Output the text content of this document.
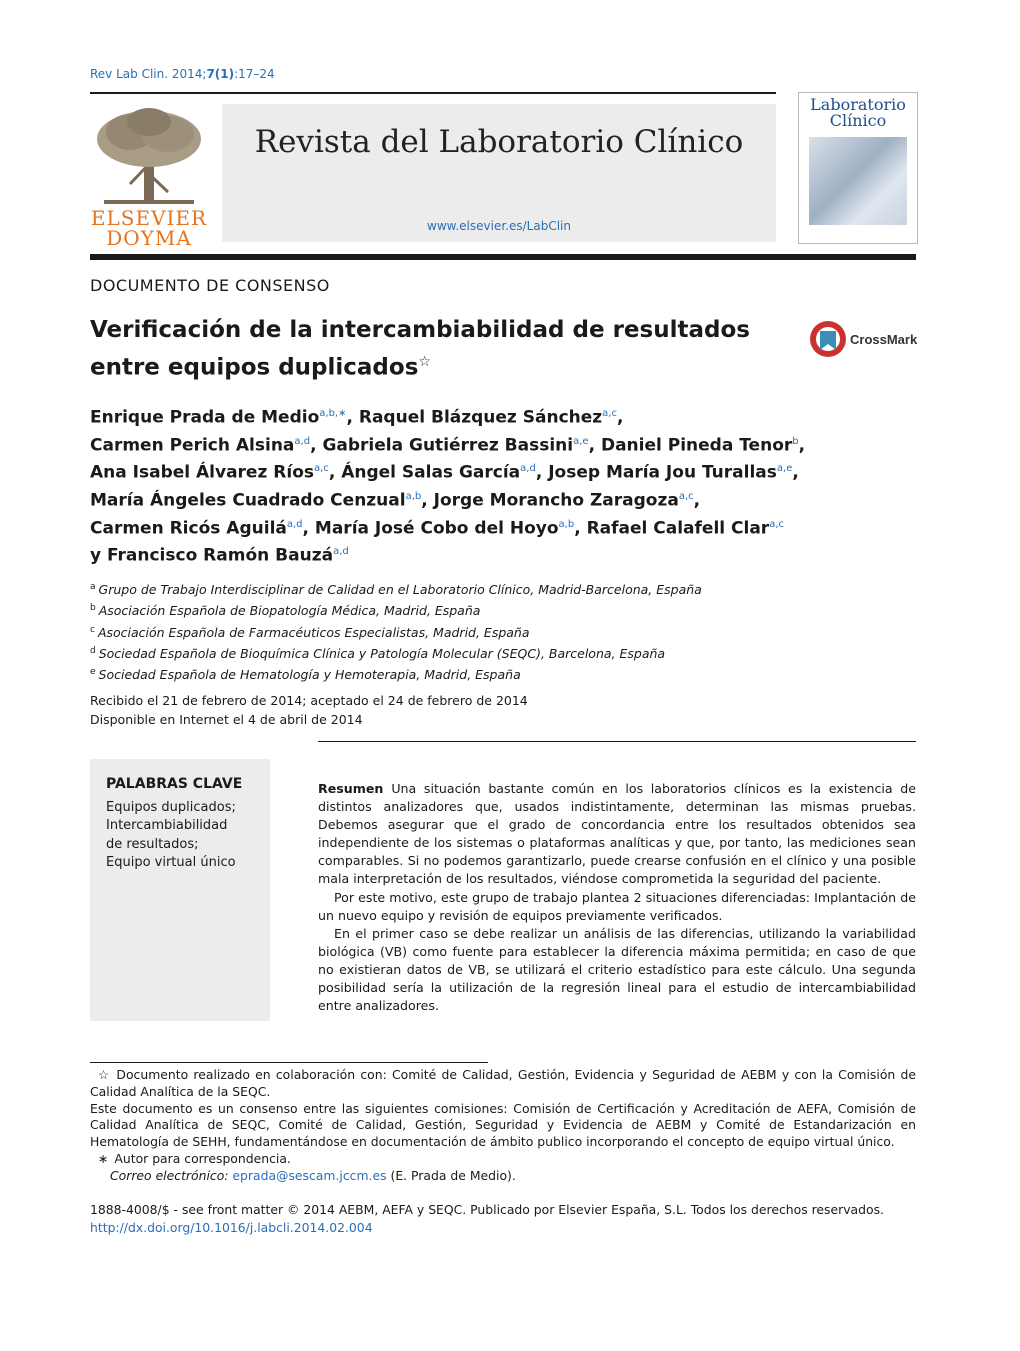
Rev Lab Clin. 2014;7(1):17–24
ELSEVIER
DOYMA
Revista del Laboratorio Clínico
www.elsevier.es/LabClin
Laboratorio
Clínico
DOCUMENTO DE CONSENSO
Verificación de la intercambiabilidad de resultados
entre equipos duplicados☆
CrossMark
Enrique Prada de Medio$^{a,b,∗}$, Raquel Blázquez Sánchez$^{a,c}$,
Carmen Perich Alsina$^{a,d}$, Gabriela Gutiérrez Bassini$^{a,e}$, Daniel Pineda Tenor$^b$,
Ana Isabel Álvarez Ríos$^{a,c}$, Ángel Salas García$^{a,d}$, Josep María Jou Turallas$^{a,e}$,
María Ángeles Cuadrado Cenzual$^{a,b}$, Jorge Morancho Zaragoza$^{a,c}$,
Carmen Ricós Aguilá$^{a,d}$, María José Cobo del Hoyo$^{a,b}$, Rafael Calafell Clar$^{a,c}$
y Francisco Ramón Bauzá$^{a,d}$
$^a$ Grupo de Trabajo Interdisciplinar de Calidad en el Laboratorio Clínico, Madrid-Barcelona, España
$^b$ Asociación Española de Biopatología Médica, Madrid, España
$^c$ Asociación Española de Farmacéuticos Especialistas, Madrid, España
$^d$ Sociedad Española de Bioquímica Clínica y Patología Molecular (SEQC), Barcelona, España
$^e$ Sociedad Española de Hematología y Hemoterapia, Madrid, España
Recibido el 21 de febrero de 2014; aceptado el 24 de febrero de 2014
Disponible en Internet el 4 de abril de 2014
PALABRAS CLAVE
Equipos duplicados;
Intercambiabilidad
de resultados;
Equipo virtual único

Resumen Una situación bastante común en los laboratorios clínicos es la existencia de distintos analizadores que, usados indistintamente, determinan las mismas pruebas. Debemos asegurar que el grado de concordancia entre los resultados obtenidos sea independiente de los sistemas o plataformas analíticas y que, por tanto, las mediciones sean comparables. Si no podemos garantizarlo, puede crearse confusión en el clínico y una posible mala interpretación de los resultados, viéndose comprometida la seguridad del paciente.

Por este motivo, este grupo de trabajo plantea 2 situaciones diferenciadas: Implantación de un nuevo equipo y revisión de equipos previamente verificados.

En el primer caso se debe realizar un análisis de las diferencias, utilizando la variabilidad biológica (VB) como fuente para establecer la diferencia máxima permitida; en caso de que no existieran datos de VB, se utilizará el criterio estadístico para este cálculo. Una segunda posibilidad sería la utilización de la regresión lineal para el estudio de intercambiabilidad entre analizadores.

☆ Documento realizado en colaboración con: Comité de Calidad, Gestión, Evidencia y Seguridad de AEBM y con la Comisión de Calidad Analítica de la SEQC.

Este documento es un consenso entre las siguientes comisiones: Comisión de Certificación y Acreditación de AEFA, Comisión de Calidad Analítica de SEQC, Comité de Calidad, Gestión, Seguridad y Evidencia de AEBM y Comité de Estandarización en Hematología de SEHH, fundamentándose en documentación de ámbito publico incorporando el concepto de equipo virtual único.

∗ Autor para correspondencia.

Correo electrónico: eprada@sescam.jccm.es (E. Prada de Medio).

1888-4008/$ - see front matter © 2014 AEBM, AEFA y SEQC. Publicado por Elsevier España, S.L. Todos los derechos reservados.
http://dx.doi.org/10.1016/j.labcli.2014.02.004
